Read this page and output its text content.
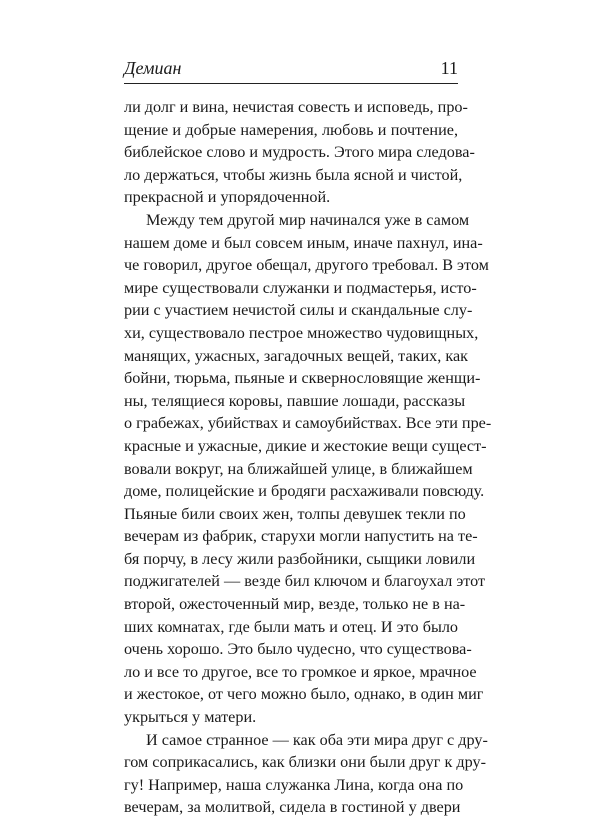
Демиан	11
ли долг и вина, нечистая совесть и исповедь, про-
щение и добрые намерения, любовь и почтение,
библейское слово и мудрость. Этого мира следова-
ло держаться, чтобы жизнь была ясной и чистой,
прекрасной и упорядоченной.
Между тем другой мир начинался уже в самом
нашем доме и был совсем иным, иначе пахнул, ина-
че говорил, другое обещал, другого требовал. В этом
мире существовали служанки и подмастерья, исто-
рии с участием нечистой силы и скандальные слу-
хи, существовало пестрое множество чудовищных,
манящих, ужасных, загадочных вещей, таких, как
бойни, тюрьма, пьяные и сквернословящие женщи-
ны, телящиеся коровы, павшие лошади, рассказы
о грабежах, убийствах и самоубийствах. Все эти пре-
красные и ужасные, дикие и жестокие вещи сущест-
вовали вокруг, на ближайшей улице, в ближайшем
доме, полицейские и бродяги расхаживали повсюду.
Пьяные били своих жен, толпы девушек текли по
вечерам из фабрик, старухи могли напустить на те-
бя порчу, в лесу жили разбойники, сыщики ловили
поджигателей — везде бил ключом и благоухал этот
второй, ожесточенный мир, везде, только не в на-
ших комнатах, где были мать и отец. И это было
очень хорошо. Это было чудесно, что существова-
ло и все то другое, все то громкое и яркое, мрачное
и жестокое, от чего можно было, однако, в один миг
укрыться у матери.
И самое странное — как оба эти мира друг с дру-
гом соприкасались, как близки они были друг к дру-
гу! Например, наша служанка Лина, когда она по
вечерам, за молитвой, сидела в гостиной у двери
